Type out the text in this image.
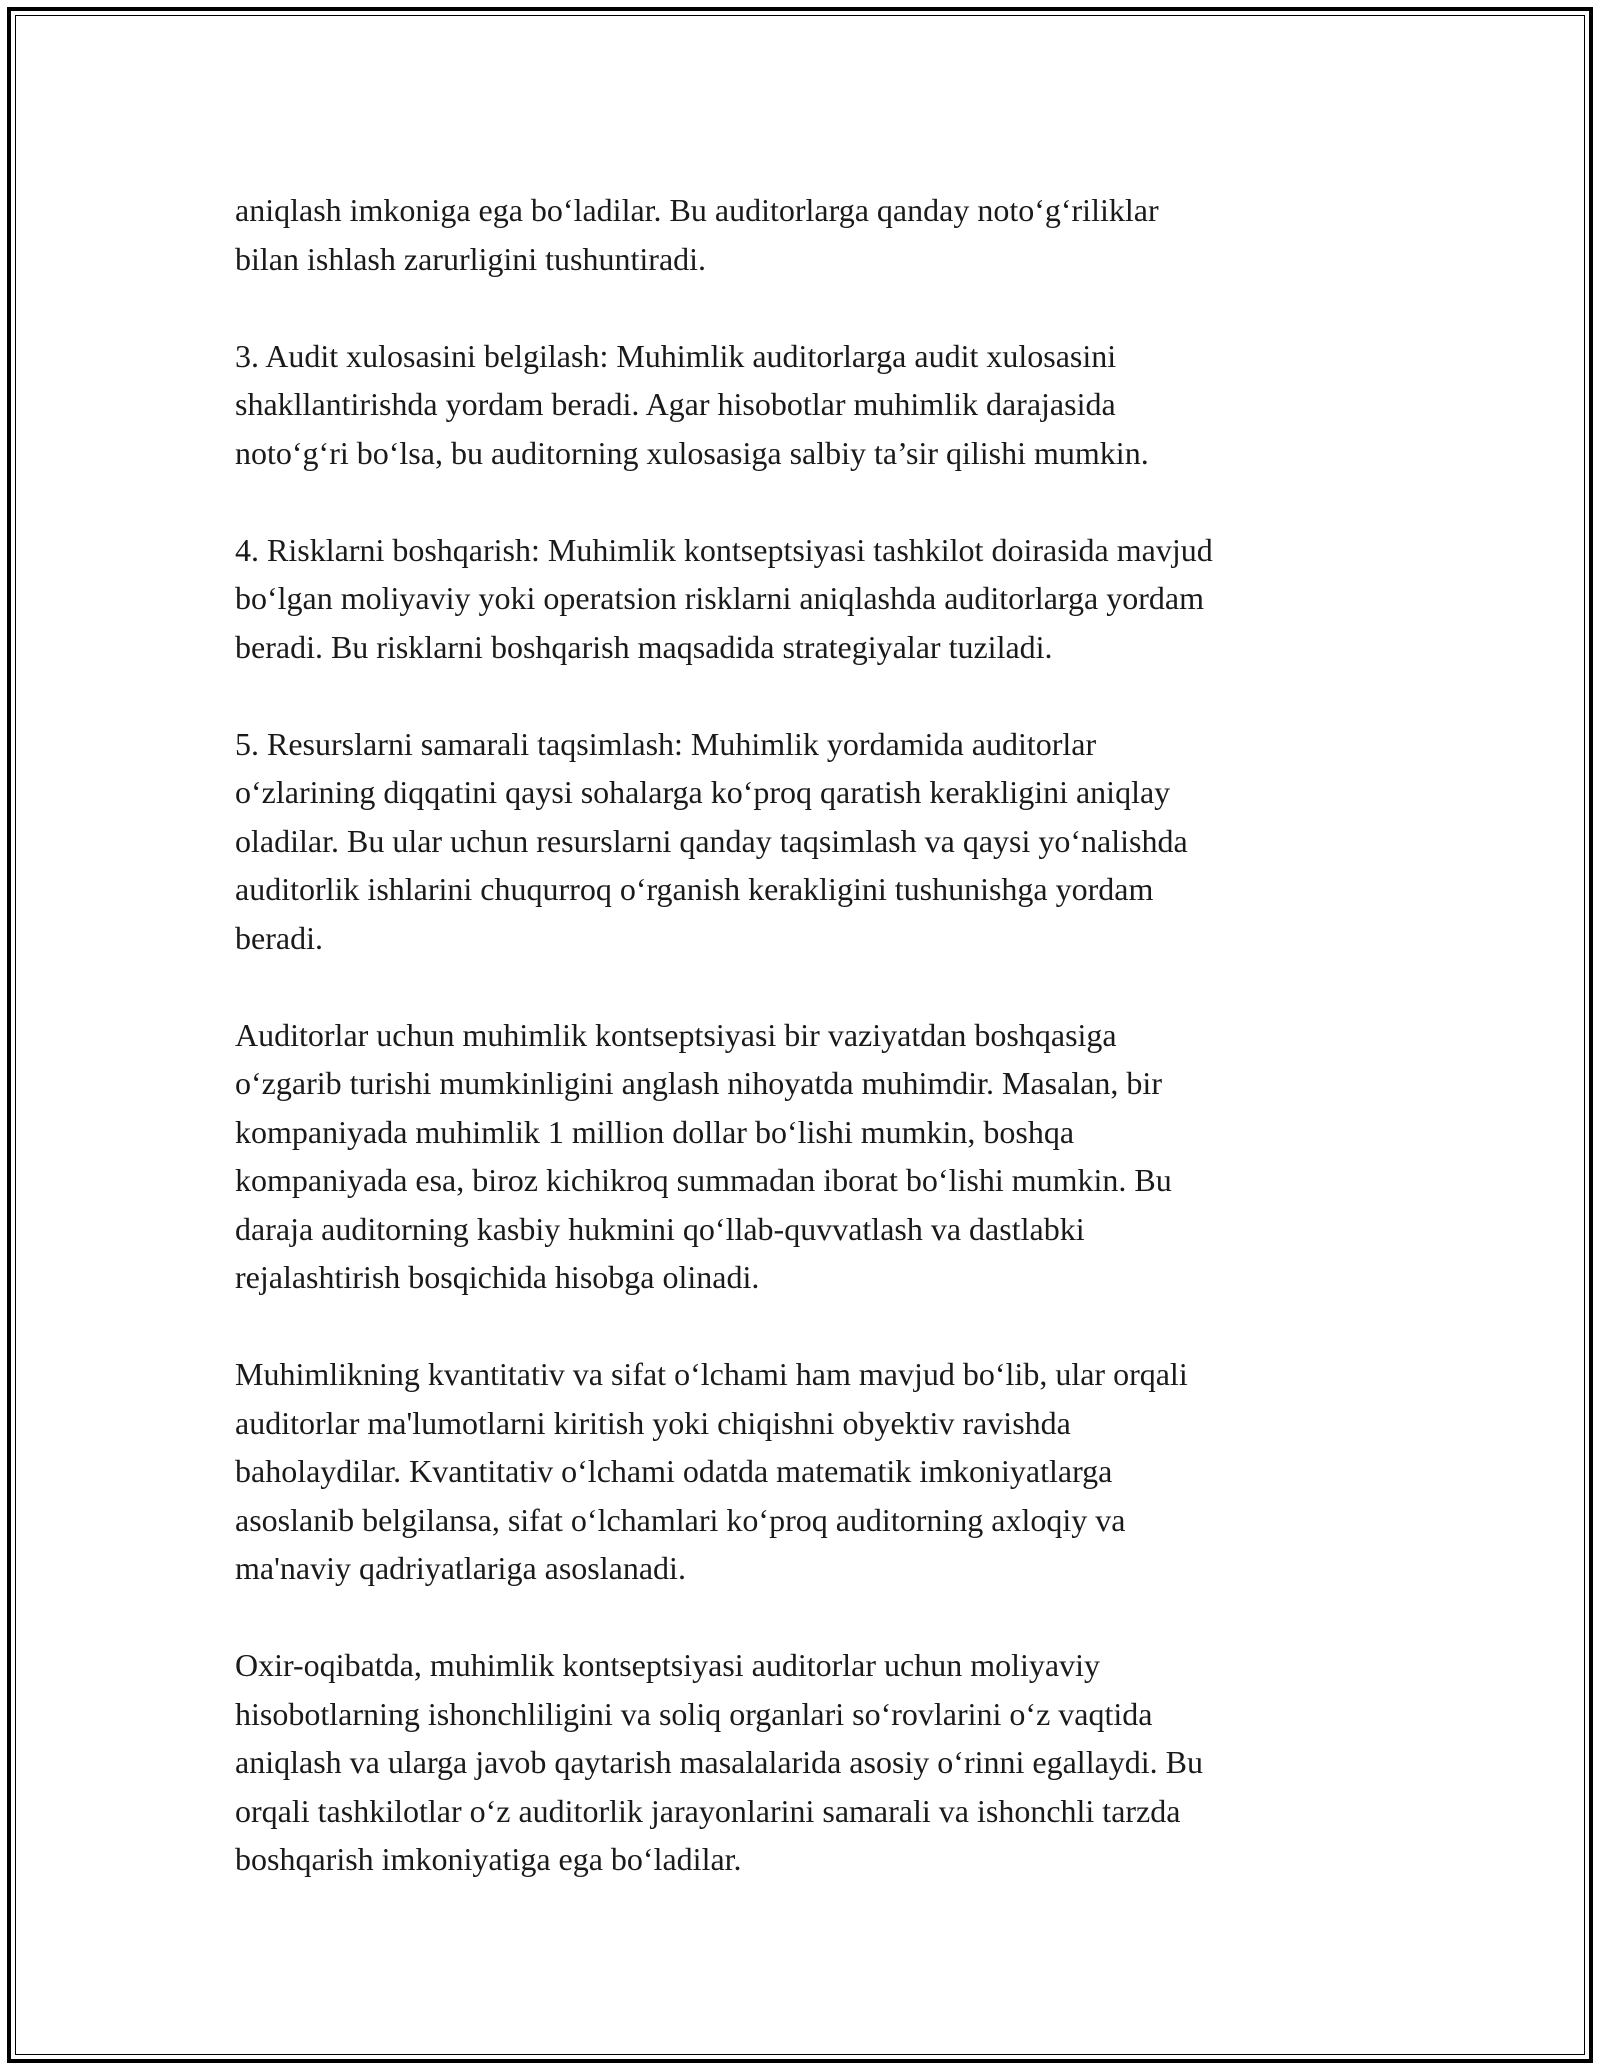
aniqlash imkoniga ega bo‘ladilar. Bu auditorlarga qanday noto‘g‘riliklar
bilan ishlash zarurligini tushuntiradi.

3. Audit xulosasini belgilash: Muhimlik auditorlarga audit xulosasini
shakllantirishda yordam beradi. Agar hisobotlar muhimlik darajasida
noto‘g‘ri bo‘lsa, bu auditorning xulosasiga salbiy ta’sir qilishi mumkin.

4. Risklarni boshqarish: Muhimlik kontseptsiyasi tashkilot doirasida mavjud
bo‘lgan moliyaviy yoki operatsion risklarni aniqlashda auditorlarga yordam
beradi. Bu risklarni boshqarish maqsadida strategiyalar tuziladi.

5. Resurslarni samarali taqsimlash: Muhimlik yordamida auditorlar
o‘zlarining diqqatini qaysi sohalarga ko‘proq qaratish kerakligini aniqlay
oladilar. Bu ular uchun resurslarni qanday taqsimlash va qaysi yo‘nalishda
auditorlik ishlarini chuqurroq o‘rganish kerakligini tushunishga yordam
beradi.

Auditorlar uchun muhimlik kontseptsiyasi bir vaziyatdan boshqasiga
o‘zgarib turishi mumkinligini anglash nihoyatda muhimdir. Masalan, bir
kompaniyada muhimlik 1 million dollar bo‘lishi mumkin, boshqa
kompaniyada esa, biroz kichikroq summadan iborat bo‘lishi mumkin. Bu
daraja auditorning kasbiy hukmini qo‘llab-quvvatlash va dastlabki
rejalashtirish bosqichida hisobga olinadi.

Muhimlikning kvantitativ va sifat o‘lchami ham mavjud bo‘lib, ular orqali
auditorlar ma'lumotlarni kiritish yoki chiqishni obyektiv ravishda
baholaydilar. Kvantitativ o‘lchami odatda matematik imkoniyatlarga
asoslanib belgilansa, sifat o‘lchamlari ko‘proq auditorning axloqiy va
ma'naviy qadriyatlariga asoslanadi.

Oxir-oqibatda, muhimlik kontseptsiyasi auditorlar uchun moliyaviy
hisobotlarning ishonchliligini va soliq organlari so‘rovlarini o‘z vaqtida
aniqlash va ularga javob qaytarish masalalarida asosiy o‘rinni egallaydi. Bu
orqali tashkilotlar o‘z auditorlik jarayonlarini samarali va ishonchli tarzda
boshqarish imkoniyatiga ega bo‘ladilar.
